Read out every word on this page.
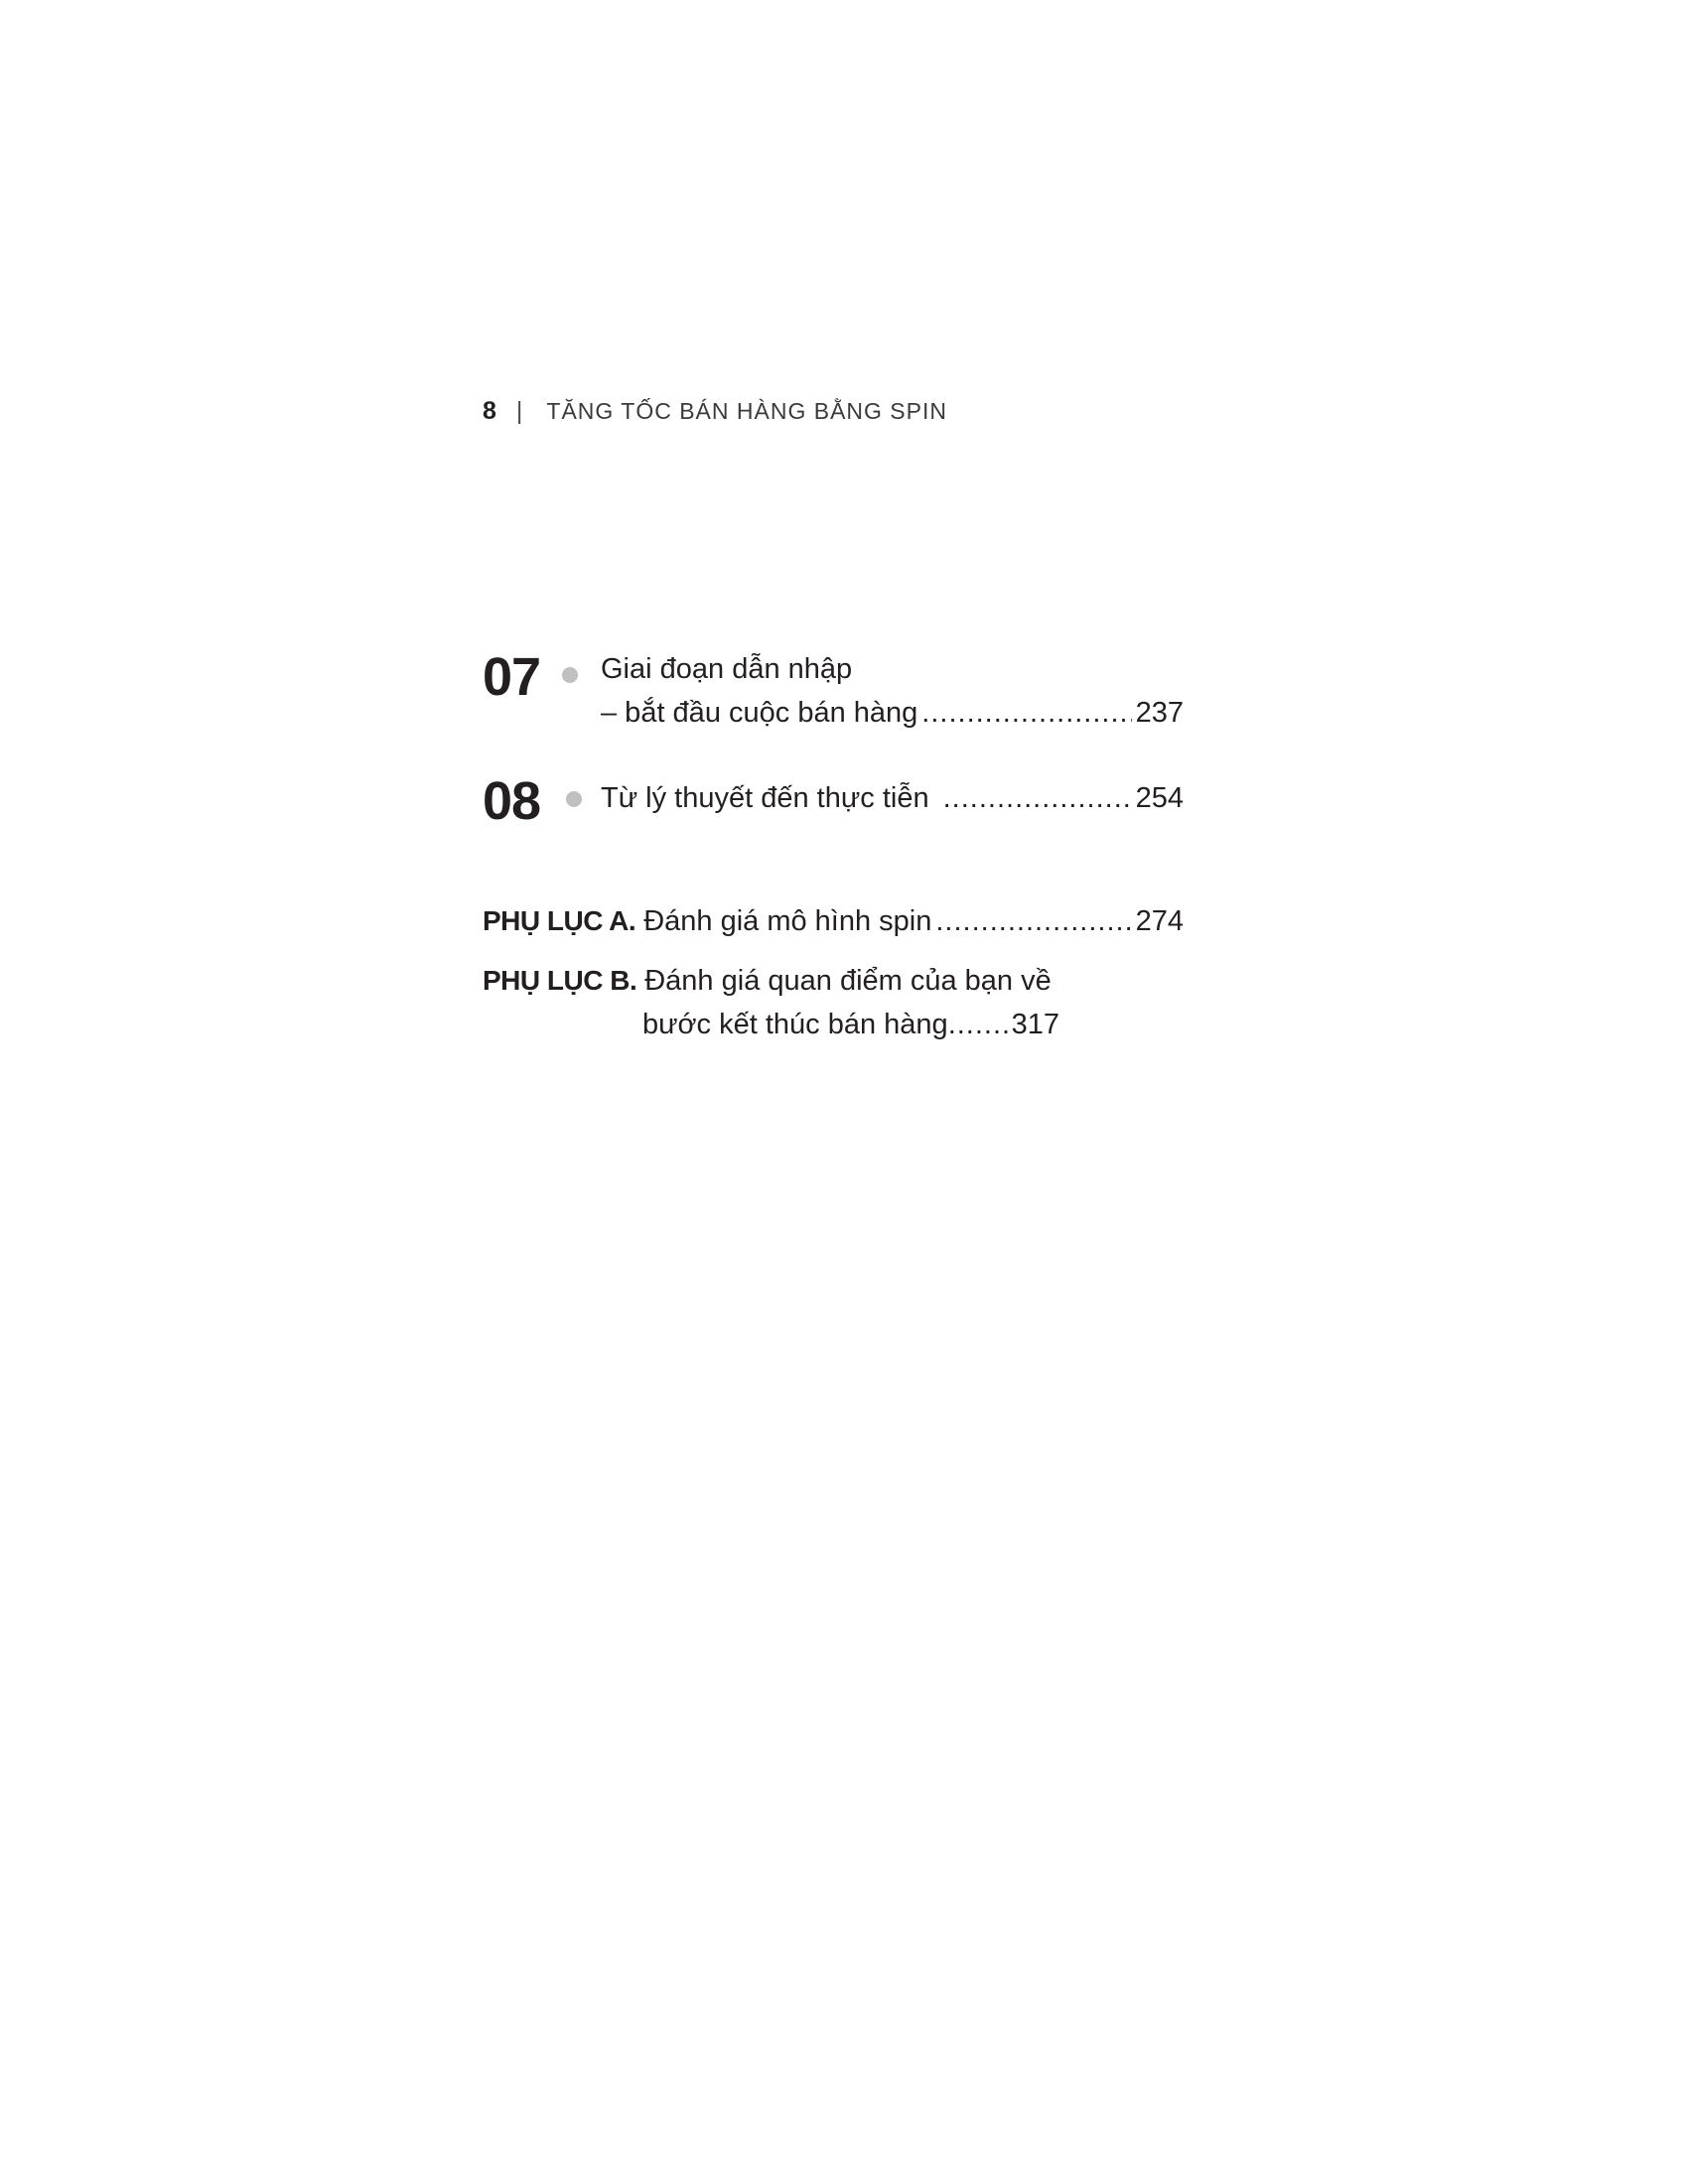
8 | TĂNG TỐC BÁN HÀNG BẰNG SPIN
07 Giai đoạn dẫn nhập
– bắt đầu cuộc bán hàng .....	237
08 Từ lý thuyết đến thực tiễn .....	254
PHỤ LỤC A. Đánh giá mô hình spin .....	274
PHỤ LỤC B. Đánh giá quan điểm của bạn về
bước kết thúc bán hàng ..... 317
